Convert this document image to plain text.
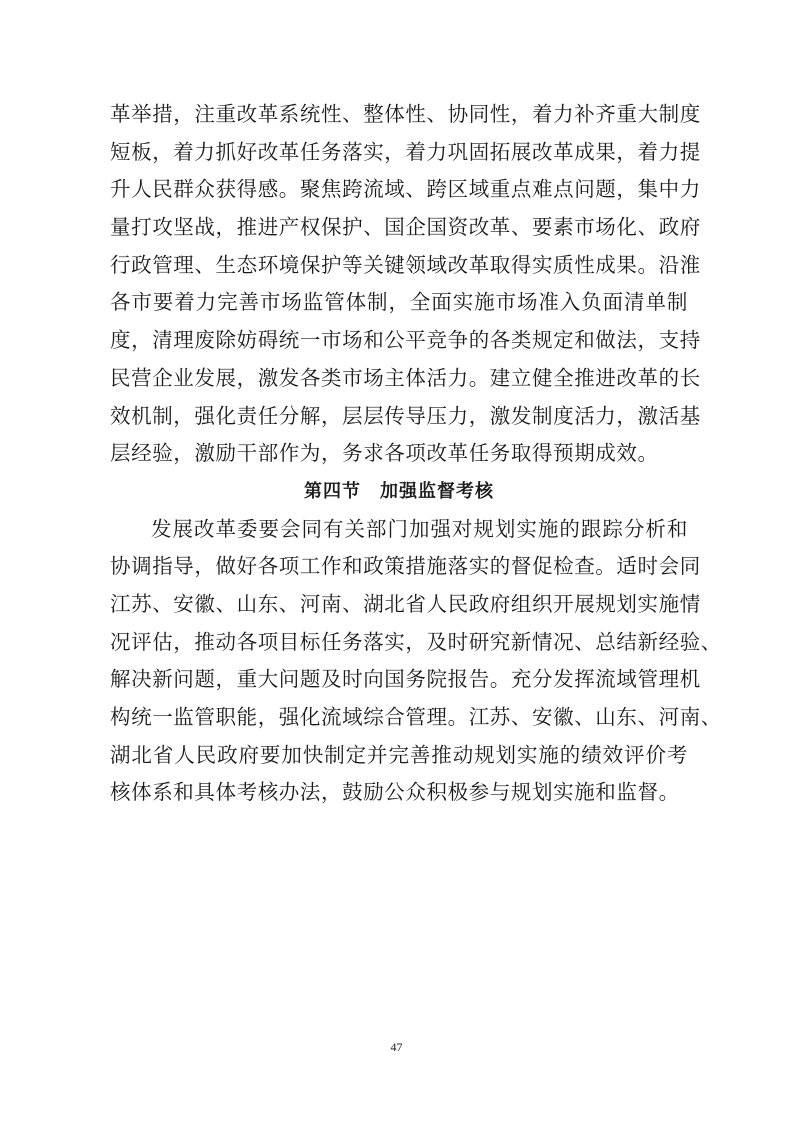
革举措，注重改革系统性、整体性、协同性，着力补齐重大制度
短板，着力抓好改革任务落实，着力巩固拓展改革成果，着力提
升人民群众获得感。聚焦跨流域、跨区域重点难点问题，集中力
量打攻坚战，推进产权保护、国企国资改革、要素市场化、政府
行政管理、生态环境保护等关键领域改革取得实质性成果。沿淮
各市要着力完善市场监管体制，全面实施市场准入负面清单制
度，清理废除妨碍统一市场和公平竞争的各类规定和做法，支持
民营企业发展，激发各类市场主体活力。建立健全推进改革的长
效机制，强化责任分解，层层传导压力，激发制度活力，激活基
层经验，激励干部作为，务求各项改革任务取得预期成效。
第四节　加强监督考核
发展改革委要会同有关部门加强对规划实施的跟踪分析和
协调指导，做好各项工作和政策措施落实的督促检查。适时会同
江苏、安徽、山东、河南、湖北省人民政府组织开展规划实施情
况评估，推动各项目标任务落实，及时研究新情况、总结新经验、
解决新问题，重大问题及时向国务院报告。充分发挥流域管理机
构统一监管职能，强化流域综合管理。江苏、安徽、山东、河南、
湖北省人民政府要加快制定并完善推动规划实施的绩效评价考
核体系和具体考核办法，鼓励公众积极参与规划实施和监督。
47
